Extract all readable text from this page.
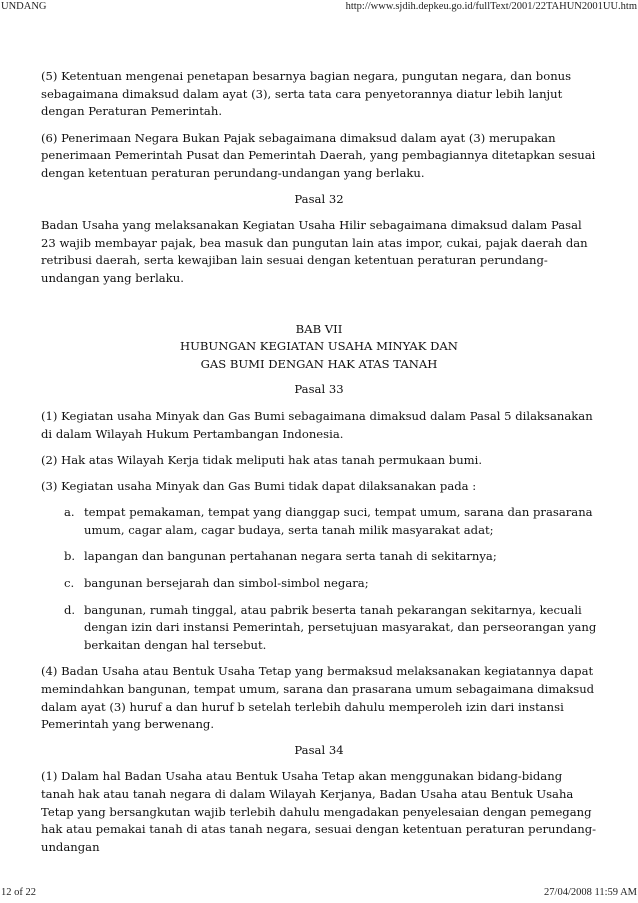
UNDANG	http://www.sjdih.depkeu.go.id/fullText/2001/22TAHUN2001UU.htm

(5) Ketentuan mengenai penetapan besarnya bagian negara, pungutan negara, dan bonus sebagaimana dimaksud dalam ayat (3), serta tata cara penyetorannya diatur lebih lanjut dengan Peraturan Pemerintah.

(6) Penerimaan Negara Bukan Pajak sebagaimana dimaksud dalam ayat (3) merupakan penerimaan Pemerintah Pusat dan Pemerintah Daerah, yang pembagiannya ditetapkan sesuai dengan ketentuan peraturan perundang-undangan yang berlaku.

Pasal 32

Badan Usaha yang melaksanakan Kegiatan Usaha Hilir sebagaimana dimaksud dalam Pasal 23 wajib membayar pajak, bea masuk dan pungutan lain atas impor, cukai, pajak daerah dan retribusi daerah, serta kewajiban lain sesuai dengan ketentuan peraturan perundang-undangan yang berlaku.

BAB VII

HUBUNGAN KEGIATAN USAHA MINYAK DAN

GAS BUMI DENGAN HAK ATAS TANAH

Pasal 33

(1) Kegiatan usaha Minyak dan Gas Bumi sebagaimana dimaksud dalam Pasal 5 dilaksanakan di dalam Wilayah Hukum Pertambangan Indonesia.

(2) Hak atas Wilayah Kerja tidak meliputi hak atas tanah permukaan bumi.

(3) Kegiatan usaha Minyak dan Gas Bumi tidak dapat dilaksanakan pada :

a. tempat pemakaman, tempat yang dianggap suci, tempat umum, sarana dan prasarana umum, cagar alam, cagar budaya, serta tanah milik masyarakat adat;
b. lapangan dan bangunan pertahanan negara serta tanah di sekitarnya;
c. bangunan bersejarah dan simbol-simbol negara;
d. bangunan, rumah tinggal, atau pabrik beserta tanah pekarangan sekitarnya, kecuali dengan izin dari instansi Pemerintah, persetujuan masyarakat, dan perseorangan yang berkaitan dengan hal tersebut.

(4) Badan Usaha atau Bentuk Usaha Tetap yang bermaksud melaksanakan kegiatannya dapat memindahkan bangunan, tempat umum, sarana dan prasarana umum sebagaimana dimaksud dalam ayat (3) huruf a dan huruf b setelah terlebih dahulu memperoleh izin dari instansi Pemerintah yang berwenang.

Pasal 34

(1) Dalam hal Badan Usaha atau Bentuk Usaha Tetap akan menggunakan bidang-bidang tanah hak atau tanah negara di dalam Wilayah Kerjanya, Badan Usaha atau Bentuk Usaha Tetap yang bersangkutan wajib terlebih dahulu mengadakan penyelesaian dengan pemegang hak atau pemakai tanah di atas tanah negara, sesuai dengan ketentuan peraturan perundang-undangan

12 of 22	27/04/2008 11:59 AM
